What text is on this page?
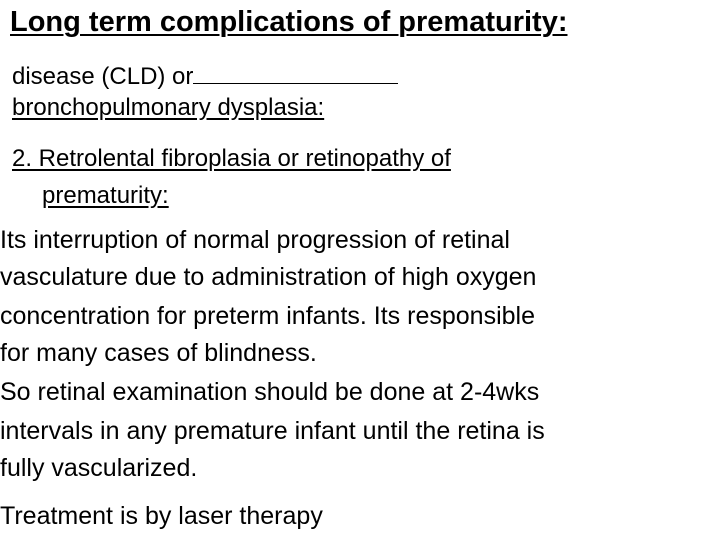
Long term complications of prematurity:
disease (CLD) or
bronchopulmonary dysplasia:
2. Retrolental fibroplasia or retinopathy of
prematurity:
Its interruption of normal progression of retinal
vasculature due to administration of high oxygen
concentration for preterm infants. Its responsible
for many cases of blindness.
So retinal examination should be done at 2-4wks
intervals in any premature infant until the retina is
fully vascularized.
Treatment is by laser therapy
